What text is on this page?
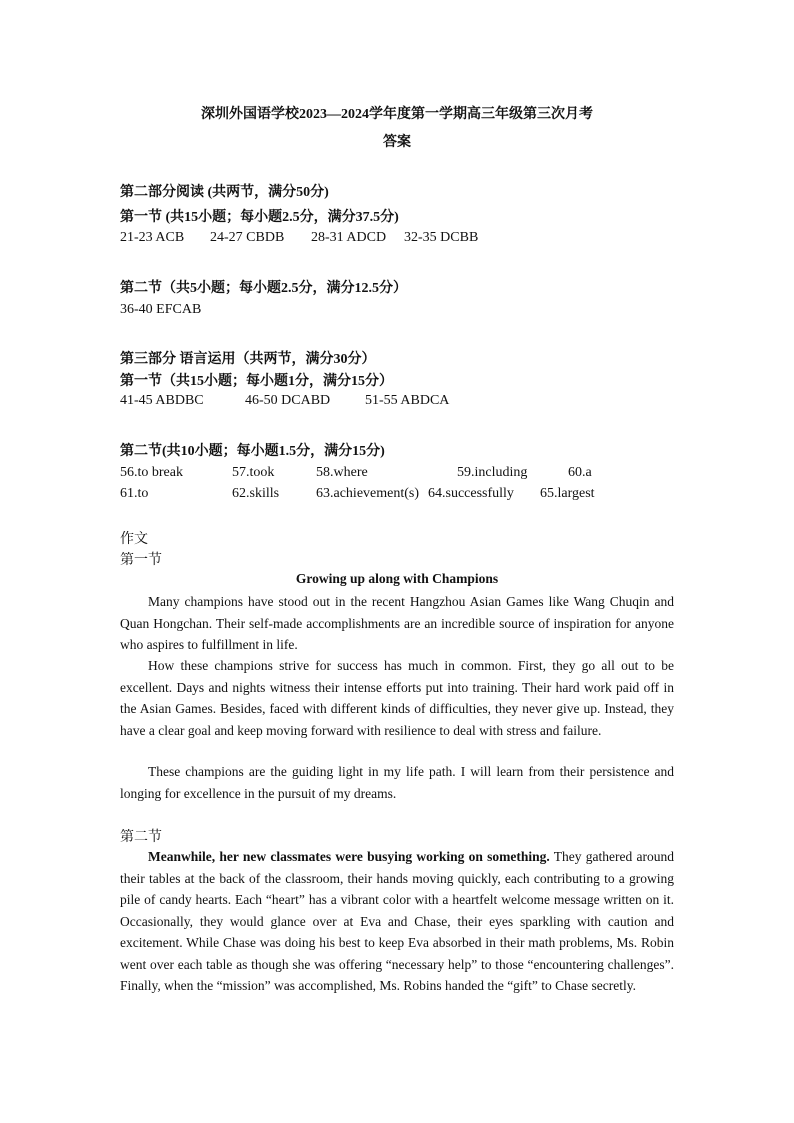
深圳外国语学校2023—2024学年度第一学期高三年级第三次月考
答案
第二部分阅读 (共两节，满分50分)
第一节 (共15小题；每小题2.5分，满分37.5分)
21-23 ACB 24-27 CBDB 28-31 ADCD 32-35 DCBB
第二节（共5小题；每小题2.5分，满分12.5分）
36-40 EFCAB
第三部分 语言运用（共两节，满分30分）
第一节（共15小题；每小题1分，满分15分）
41-45 ABDBC	46-50 DCABD 51-55 ABDCA
第二节(共10小题；每小题1.5分，满分15分)
56.to break	57.took	58.where	59.including	60.a
61.to	62.skills	63.achievement(s) 64.successfully 65.largest
作文
第一节
Growing up along with Champions

Many champions have stood out in the recent Hangzhou Asian Games like Wang Chuqin and Quan Hongchan. Their self-made accomplishments are an incredible source of inspiration for anyone who aspires to fulfillment in life.

How these champions strive for success has much in common. First, they go all out to be excellent. Days and nights witness their intense efforts put into training. Their hard work paid off in the Asian Games. Besides, faced with different kinds of difficulties, they never give up. Instead, they have a clear goal and keep moving forward with resilience to deal with stress and failure.

These champions are the guiding light in my life path. I will learn from their persistence and longing for excellence in the pursuit of my dreams.

第二节

Meanwhile, her new classmates were busying working on something. They gathered around their tables at the back of the classroom, their hands moving quickly, each contributing to a growing pile of candy hearts. Each “heart” has a vibrant color with a heartfelt welcome message written on it. Occasionally, they would glance over at Eva and Chase, their eyes sparkling with caution and excitement. While Chase was doing his best to keep Eva absorbed in their math problems, Ms. Robin went over each table as though she was offering “necessary help” to those “encountering challenges”. Finally, when the “mission” was accomplished, Ms. Robins handed the “gift” to Chase secretly.
